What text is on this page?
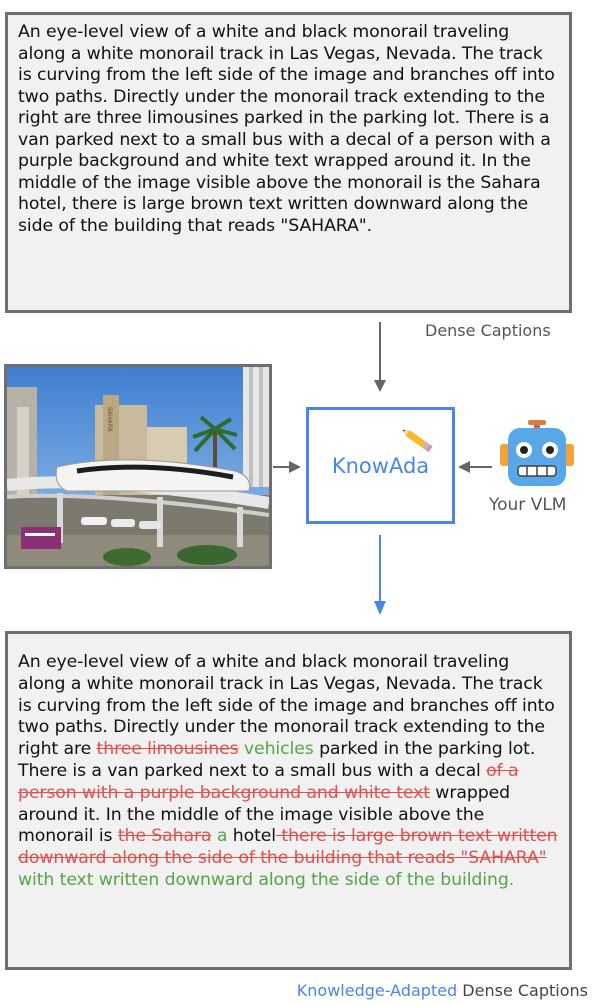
An eye-level view of a white and black monorail traveling along a white monorail track in Las Vegas, Nevada. The track is curving from the left side of the image and branches off into two paths. Directly under the monorail track extending to the right are three limousines parked in the parking lot. There is a van parked next to a small bus with a decal of a person with a purple background and white text wrapped around it. In the middle of the image visible above the monorail is the Sahara hotel, there is large brown text written downward along the side of the building that reads "SAHARA".

Dense Captions
SAHARA
KnowAda
Your VLM

An eye-level view of a white and black monorail traveling along a white monorail track in Las Vegas, Nevada. The track is curving from the left side of the image and branches off into two paths. Directly under the monorail track extending to the right are three limousines vehicles parked in the parking lot. There is a van parked next to a small bus with a decal of a person with a purple background and white text wrapped around it. In the middle of the image visible above the monorail is the Sahara a hotel there is large brown text written downward along the side of the building that reads "SAHARA" with text written downward along the side of the building.

Knowledge-Adapted Dense Captions
